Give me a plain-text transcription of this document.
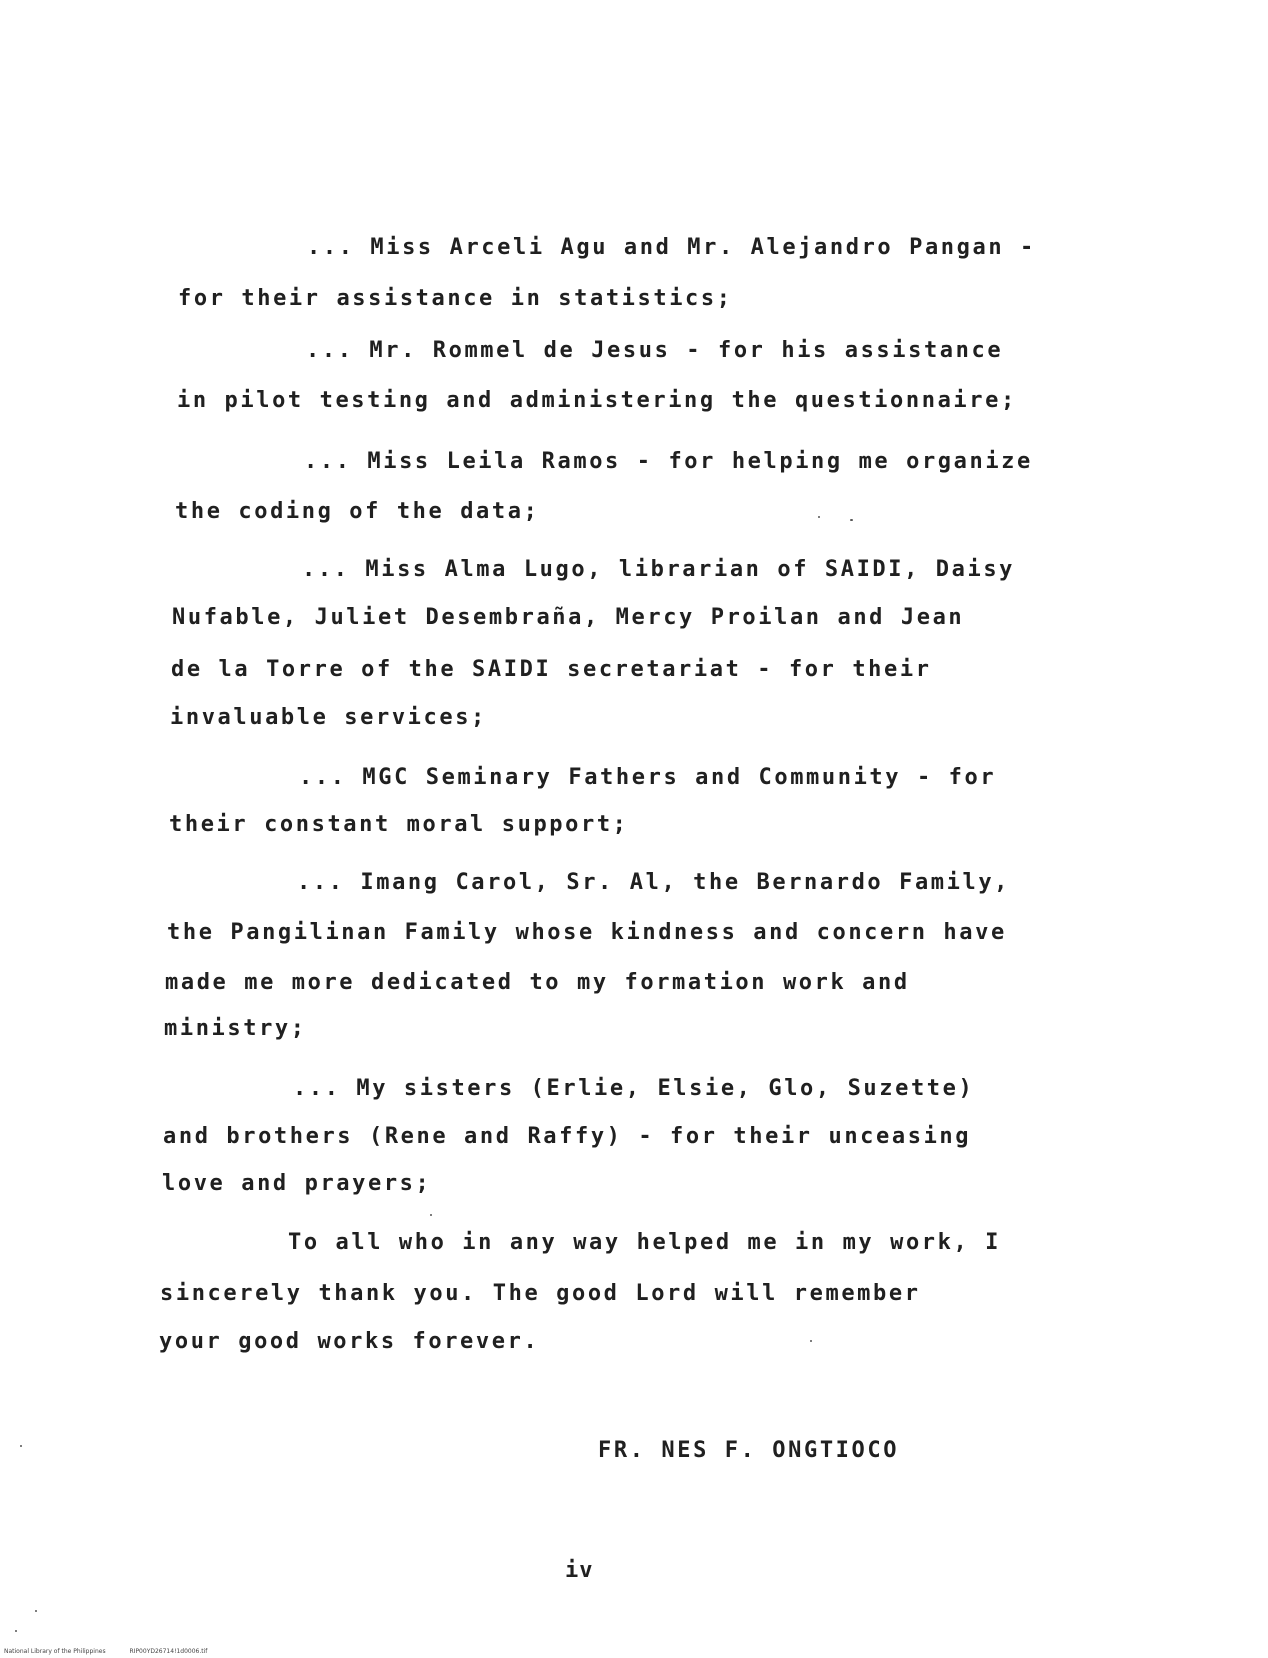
... Miss Arceli Agu and Mr. Alejandro Pangan -
for their assistance in statistics;
... Mr. Rommel de Jesus - for his assistance
in pilot testing and administering the questionnaire;
... Miss Leila Ramos - for helping me organize
the coding of the data;
... Miss Alma Lugo, librarian of SAIDI, Daisy
Nufable, Juliet Desembraña, Mercy Proilan and Jean
de la Torre of the SAIDI secretariat - for their
invaluable services;
... MGC Seminary Fathers and Community - for
their constant moral support;
... Imang Carol, Sr. Al, the Bernardo Family,
the Pangilinan Family whose kindness and concern have
made me more dedicated to my formation work and
ministry;
... My sisters (Erlie, Elsie, Glo, Suzette)
and brothers (Rene and Raffy) - for their unceasing
love and prayers;
To all who in any way helped me in my work, I
sincerely thank you. The good Lord will remember
your good works forever.
FR. NES F. ONGTIOCO
iv
National Library of the Philippines	RIP00YD26714!1d0006.tif
